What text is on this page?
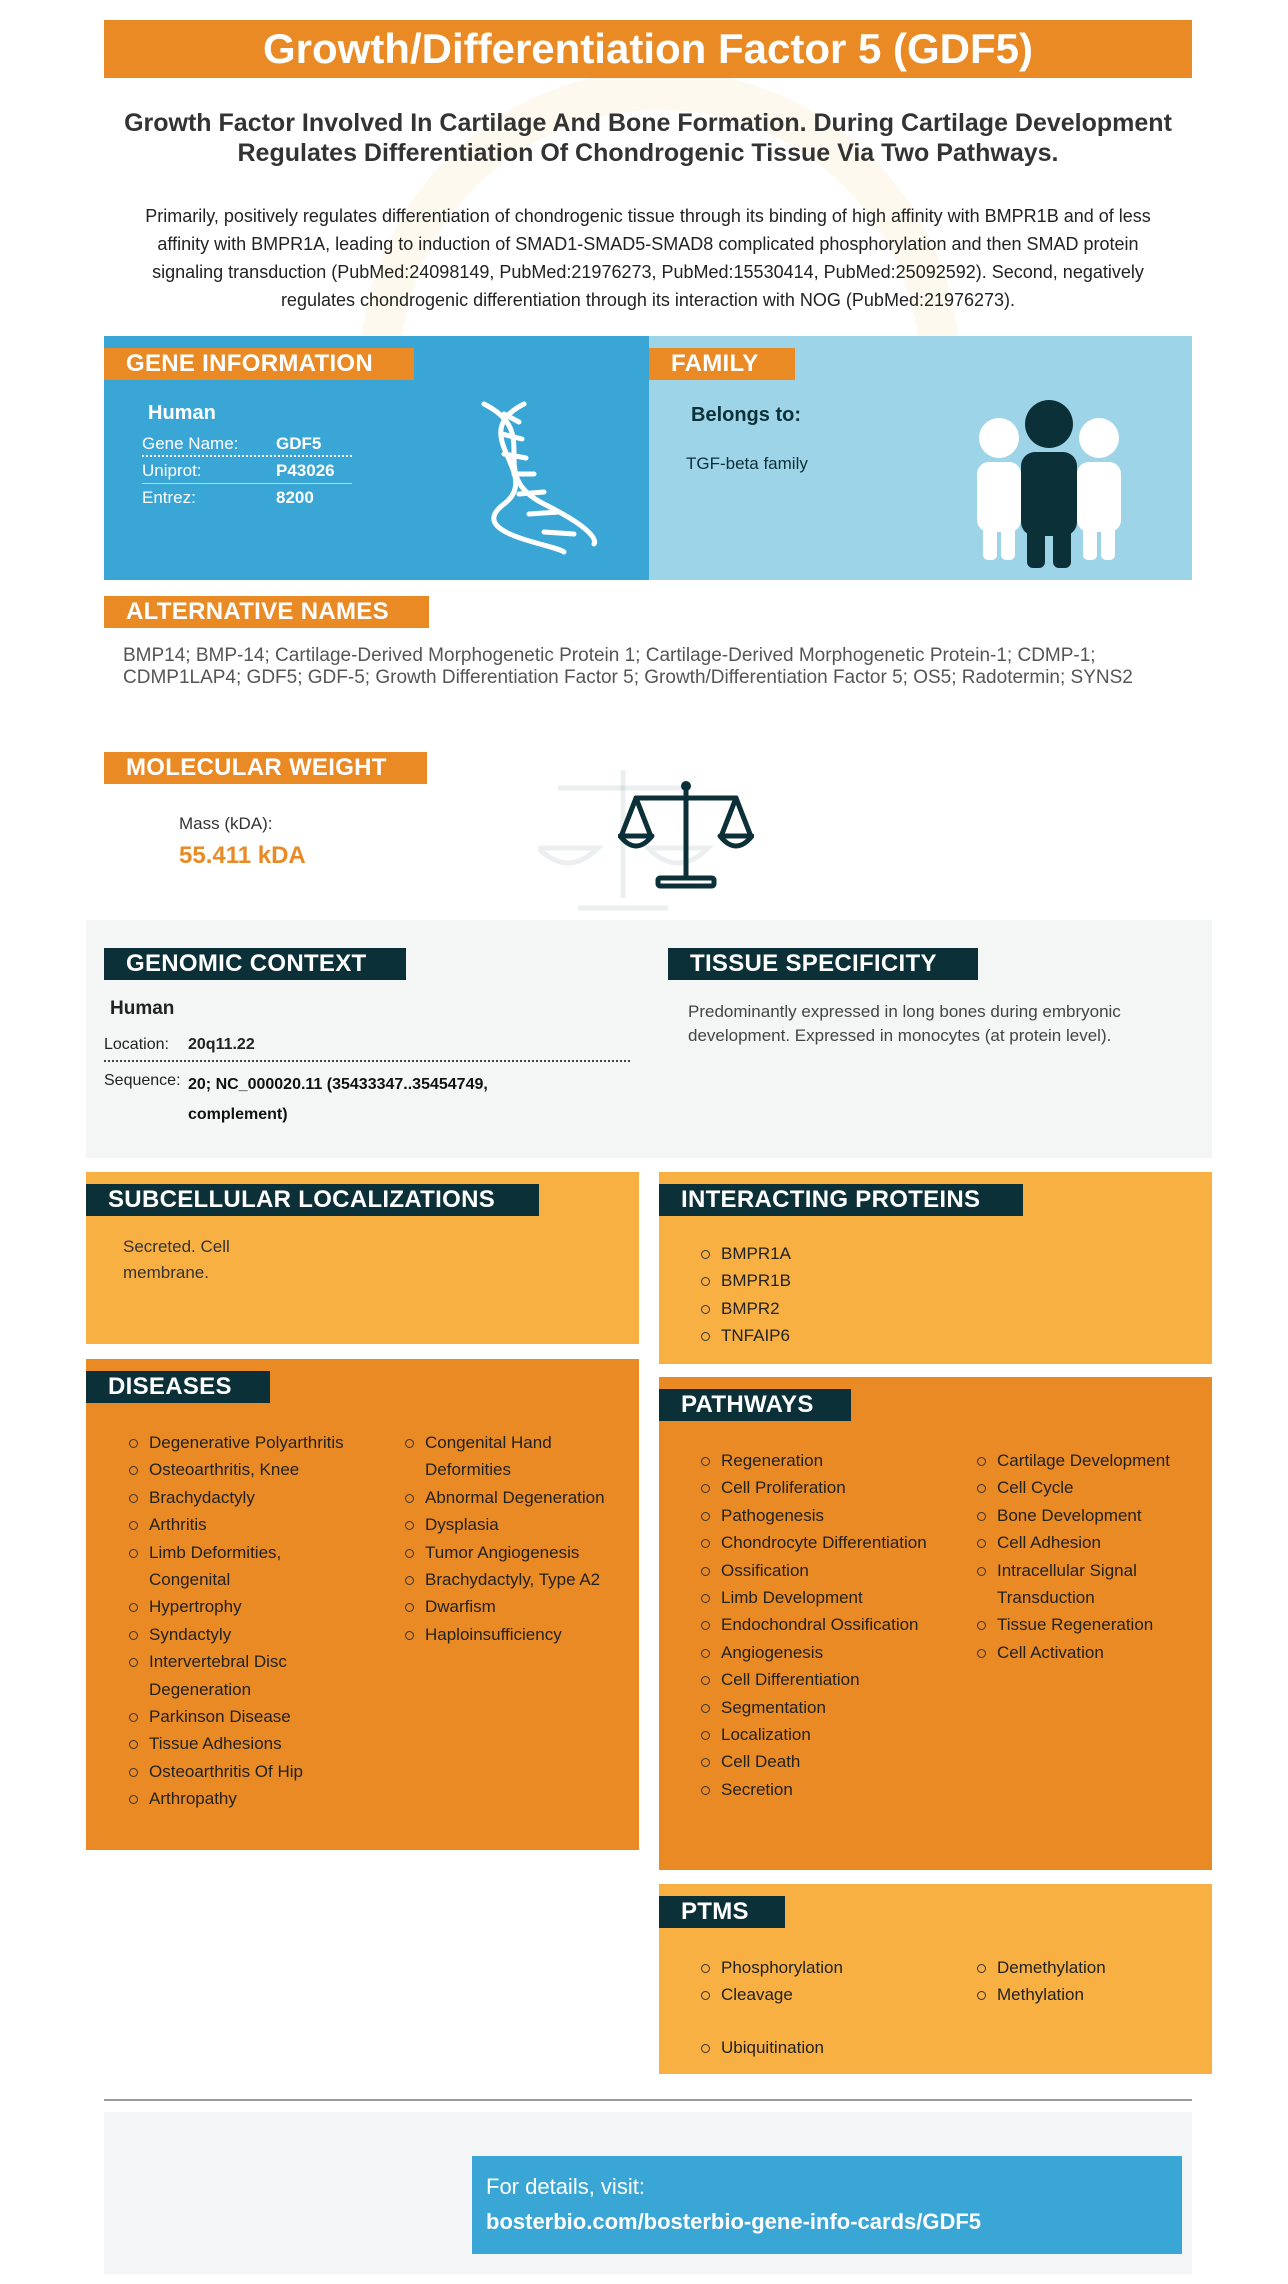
Growth/Differentiation Factor 5 (GDF5)
Growth Factor Involved In Cartilage And Bone Formation. During Cartilage Development Regulates Differentiation Of Chondrogenic Tissue Via Two Pathways.
Primarily, positively regulates differentiation of chondrogenic tissue through its binding of high affinity with BMPR1B and of less affinity with BMPR1A, leading to induction of SMAD1-SMAD5-SMAD8 complicated phosphorylation and then SMAD protein signaling transduction (PubMed:24098149, PubMed:21976273, PubMed:15530414, PubMed:25092592). Second, negatively regulates chondrogenic differentiation through its interaction with NOG (PubMed:21976273).
GENE INFORMATION
Human
Gene Name: GDF5
Uniprot:	P43026
Entrez:	8200
FAMILY
Belongs to:
TGF-beta family
ALTERNATIVE NAMES
BMP14; BMP-14; Cartilage-Derived Morphogenetic Protein 1; Cartilage-Derived Morphogenetic Protein-1; CDMP-1; CDMP1LAP4; GDF5; GDF-5; Growth Differentiation Factor 5; Growth/Differentiation Factor 5; OS5; Radotermin; SYNS2
MOLECULAR WEIGHT
Mass (kDA):
55.411 kDA
GENOMIC CONTEXT
Human
Location: 20q11.22
Sequence: 20; NC_000020.11 (35433347..35454749, complement)
TISSUE SPECIFICITY
Predominantly expressed in long bones during embryonic development. Expressed in monocytes (at protein level).
SUBCELLULAR LOCALIZATIONS
Secreted. Cell membrane.
INTERACTING PROTEINS
BMPR1A
BMPR1B
BMPR2
TNFAIP6
DISEASES
Degenerative Polyarthritis
Osteoarthritis, Knee
Brachydactyly
Arthritis
Limb Deformities, Congenital
Hypertrophy
Syndactyly
Intervertebral Disc Degeneration
Parkinson Disease
Tissue Adhesions
Osteoarthritis Of Hip
Arthropathy
Congenital Hand Deformities
Abnormal Degeneration
Dysplasia
Tumor Angiogenesis
Brachydactyly, Type A2
Dwarfism
Haploinsufficiency
PATHWAYS
Regeneration
Cell Proliferation
Pathogenesis
Chondrocyte Differentiation
Ossification
Limb Development
Endochondral Ossification
Angiogenesis
Cell Differentiation
Segmentation
Localization
Cell Death
Secretion
Cartilage Development
Cell Cycle
Bone Development
Cell Adhesion
Intracellular Signal Transduction
Tissue Regeneration
Cell Activation
PTMS
Phosphorylation
Cleavage
Demethylation
Methylation
Ubiquitination
For details, visit:
bosterbio.com/bosterbio-gene-info-cards/GDF5
